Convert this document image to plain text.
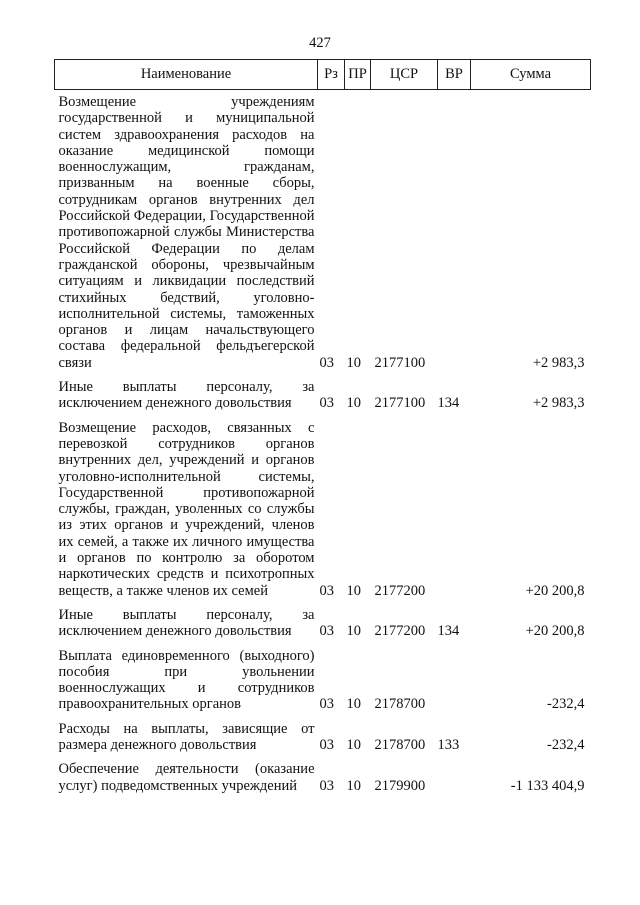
427
Наименование	Рз	ПР	ЦСР	ВР	Сумма
Возмещение учреждениям государственной и муниципальной систем здравоохранения расходов на оказание медицинской помощи военнослужащим, гражданам, призванным на военные сборы, сотрудникам органов внутренних дел Российской Федерации, Государственной противопожарной службы Министерства Российской Федерации по делам гражданской обороны, чрезвычайным ситуациям и ликвидации последствий стихийных бедствий, уголовно-исполнительной системы, таможенных органов и лицам начальствующего состава федеральной фельдъегерской связи	03	10	2177100		+2 983,3
Иные выплаты персоналу, за исключением денежного довольствия	03	10	2177100	134	+2 983,3
Возмещение расходов, связанных с перевозкой сотрудников органов внутренних дел, учреждений и органов уголовно-исполнительной системы, Государственной противопожарной службы, граждан, уволенных со службы из этих органов и учреждений, членов их семей, а также их личного имущества и органов по контролю за оборотом наркотических средств и психотропных веществ, а также членов их семей	03	10	2177200		+20 200,8
Иные выплаты персоналу, за исключением денежного довольствия	03	10	2177200	134	+20 200,8
Выплата единовременного (выходного) пособия при увольнении военнослужащих и сотрудников правоохранительных органов	03	10	2178700		-232,4
Расходы на выплаты, зависящие от размера денежного довольствия	03	10	2178700	133	-232,4
Обеспечение деятельности (оказание услуг) подведомственных учреждений	03	10	2179900		-1 133 404,9
